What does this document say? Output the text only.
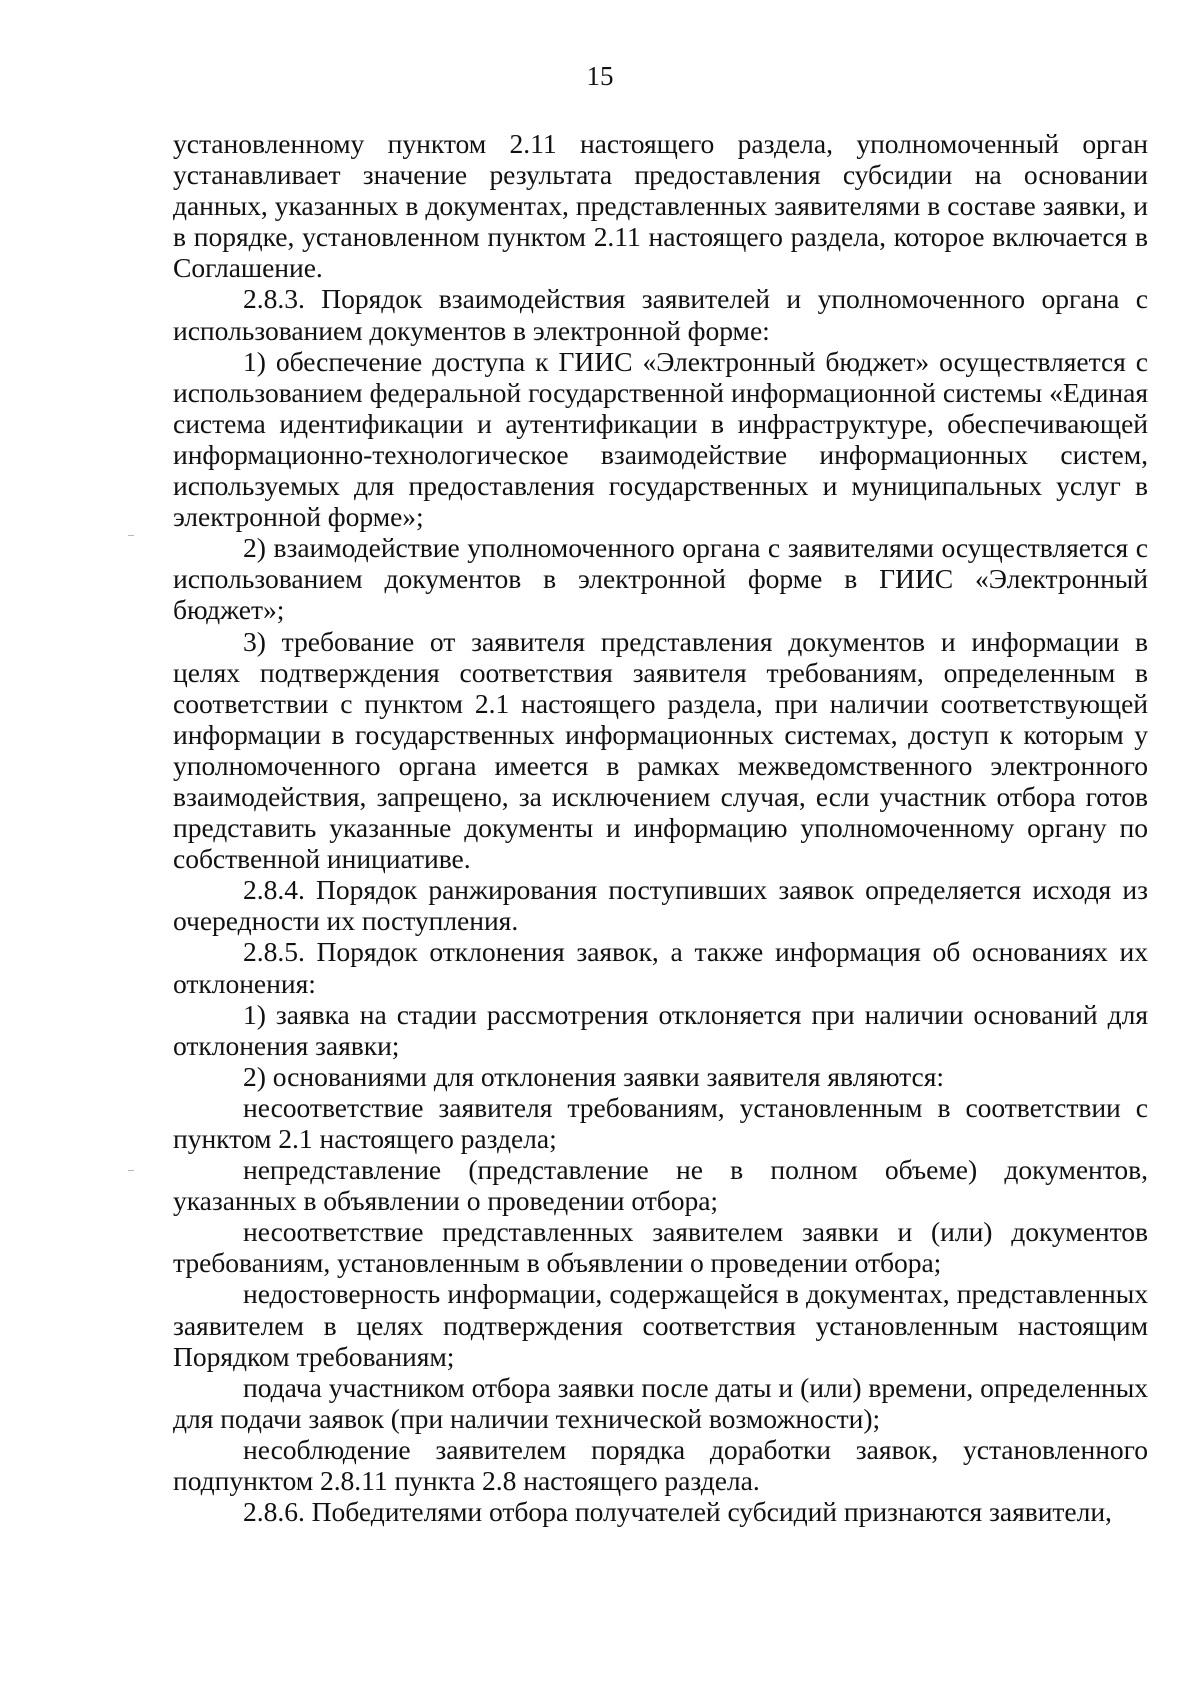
15

установленному пунктом 2.11 настоящего раздела, уполномоченный орган устанавливает значение результата предоставления субсидии на основании данных, указанных в документах, представленных заявителями в составе заявки, и в порядке, установленном пунктом 2.11 настоящего раздела, которое включается в Соглашение.

2.8.3. Порядок взаимодействия заявителей и уполномоченного органа с использованием документов в электронной форме:

1) обеспечение доступа к ГИИС «Электронный бюджет» осуществляется с использованием федеральной государственной информационной системы «Единая система идентификации и аутентификации в инфраструктуре, обеспечивающей информационно-технологическое взаимодействие информационных систем, используемых для предоставления государственных и муниципальных услуг в электронной форме»;

2) взаимодействие уполномоченного органа с заявителями осуществляется с использованием документов в электронной форме в ГИИС «Электронный бюджет»;

3) требование от заявителя представления документов и информации в целях подтверждения соответствия заявителя требованиям, определенным в соответствии с пунктом 2.1 настоящего раздела, при наличии соответствующей информации в государственных информационных системах, доступ к которым у уполномоченного органа имеется в рамках межведомственного электронного взаимодействия, запрещено, за исключением случая, если участник отбора готов представить указанные документы и информацию уполномоченному органу по собственной инициативе.

2.8.4. Порядок ранжирования поступивших заявок определяется исходя из очередности их поступления.

2.8.5. Порядок отклонения заявок, а также информация об основаниях их отклонения:

1) заявка на стадии рассмотрения отклоняется при наличии оснований для отклонения заявки;

2) основаниями для отклонения заявки заявителя являются:

несоответствие заявителя требованиям, установленным в соответствии с пунктом 2.1 настоящего раздела;

непредставление (представление не в полном объеме) документов, указанных в объявлении о проведении отбора;

несоответствие представленных заявителем заявки и (или) документов требованиям, установленным в объявлении о проведении отбора;

недостоверность информации, содержащейся в документах, представленных заявителем в целях подтверждения соответствия установленным настоящим Порядком требованиям;

подача участником отбора заявки после даты и (или) времени, определенных для подачи заявок (при наличии технической возможности);

несоблюдение заявителем порядка доработки заявок, установленного подпунктом 2.8.11 пункта 2.8 настоящего раздела.

2.8.6. Победителями отбора получателей субсидий признаются заявители,
